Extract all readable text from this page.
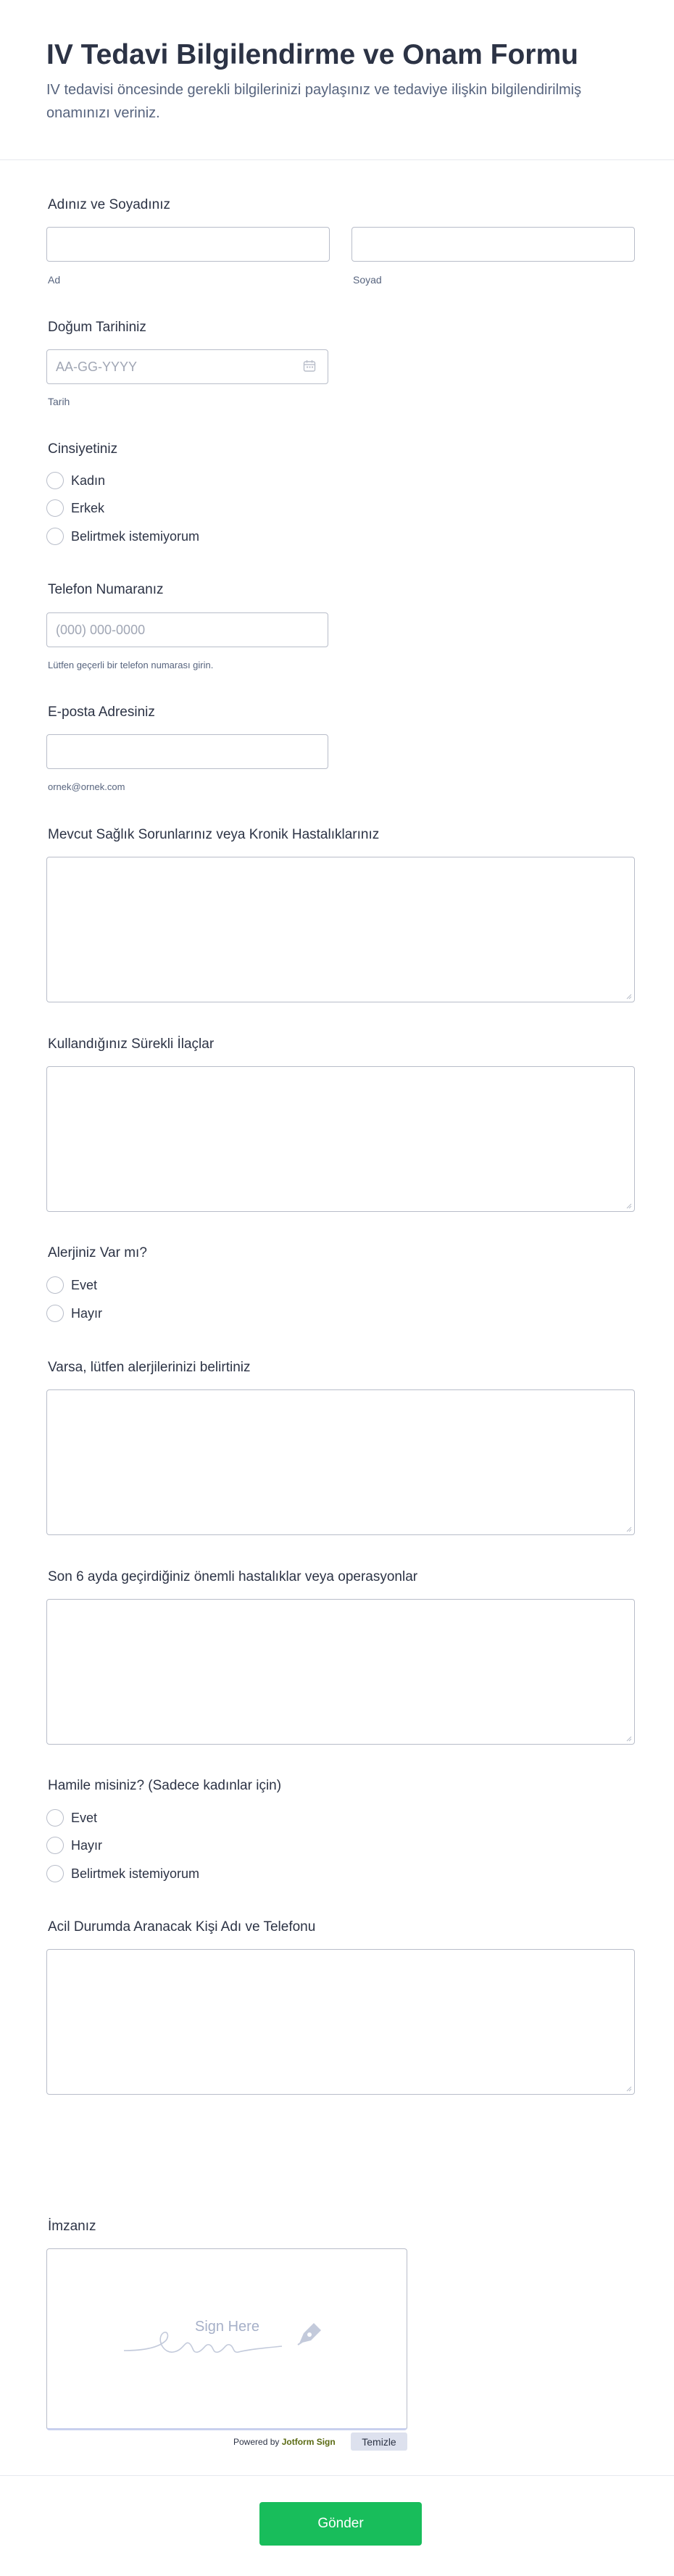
IV Tedavi Bilgilendirme ve Onam Formu

IV tedavisi öncesinde gerekli bilgilerinizi paylaşınız ve tedaviye ilişkin bilgilendirilmiş onamınızı veriniz.

Adınız ve Soyadınız
Ad	Soyad
Doğum Tarihiniz
AA-GG-YYYY
Tarih
Cinsiyetiniz
Kadın
Erkek
Belirtmek istemiyorum
Telefon Numaranız
(000) 000-0000
Lütfen geçerli bir telefon numarası girin.
E-posta Adresiniz
ornek@ornek.com
Mevcut Sağlık Sorunlarınız veya Kronik Hastalıklarınız
Kullandığınız Sürekli İlaçlar
Alerjiniz Var mı?
Evet
Hayır
Varsa, lütfen alerjilerinizi belirtiniz
Son 6 ayda geçirdiğiniz önemli hastalıklar veya operasyonlar
Hamile misiniz? (Sadece kadınlar için)
Evet
Hayır
Belirtmek istemiyorum
Acil Durumda Aranacak Kişi Adı ve Telefonu
İmzanız
Sign Here
Powered by Jotform Sign	Temizle
Gönder
